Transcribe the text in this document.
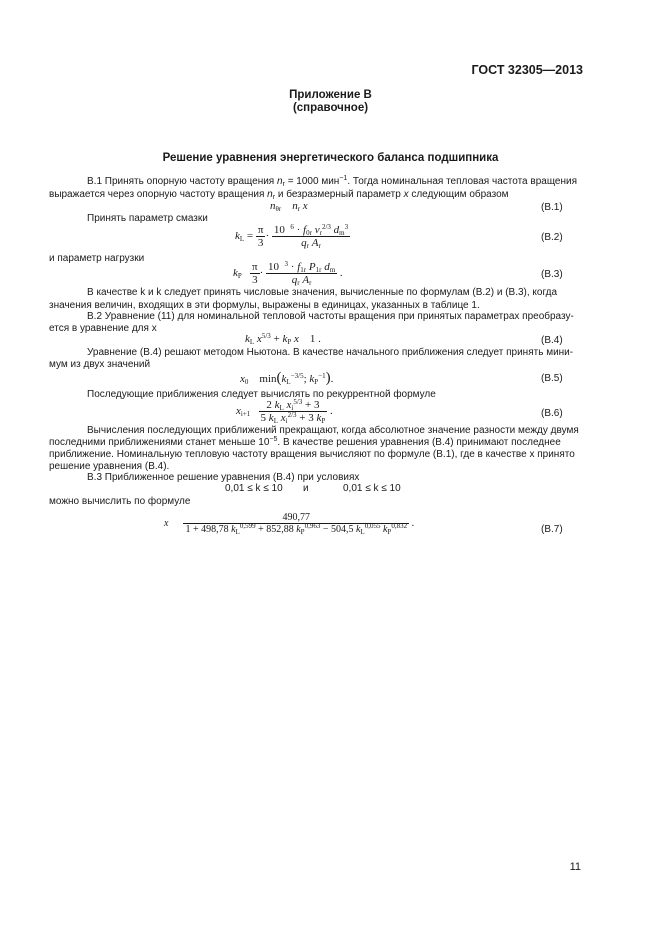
ГОСТ 32305—2013
Приложение В
(справочное)
Решение уравнения энергетического баланса подшипника
В.1 Принять опорную частоту вращения $n_r = 1000$ мин$^{-1}$. Тогда номинальная тепловая частота вращения
выражается через опорную частоту вращения $n_r$ и безразмерный параметр x следующим образом
$n_{\theta r}$ $n_r$ x	(В.1)
Принять параметр смазки
$k_L = \frac{\pi}{3} \cdot \frac{10 ^6 \cdot f_{0r} \nu_r^{2/3} d_m^3}{q_r A_r}$	(В.2)
и параметр нагрузки
$k_P \frac{\pi}{3} \cdot \frac{10 ^3 \cdot f_{1r} P_{1r} d_m}{q_r A_r}$ .	(В.3)
В качестве k и k следует принять числовые значения, вычисленные по формулам (В.2) и (В.3), когда
значения величин, входящих в эти формулы, выражены в единицах, указанных в таблице 1.
В.2 Уравнение (11) для номинальной тепловой частоты вращения при принятых параметрах преобразу-
ется в уравнение для x
$k_L$ $x^{5/3} + k_P$ x    1 .	(В.4)
Уравнение (В.4) решают методом Ньютона. В качестве начального приближения следует принять мини-
мум из двух значений
$x_0$    $\min(k_L^{-3/5}$; $k_P^{-1}$).	(В.5)
Последующие приближения следует вычислять по рекуррентной формуле
$x_{i+1} \frac{2 k_L x_i^{5/3} + 3}{5 k_L x_i^{2/3} + 3 k_P}$ .	(В.6)
Вычисления последующих приближений прекращают, когда абсолютное значение разности между двумя
последними приближениями станет меньше $10^{-5}$. В качестве решения уравнения (В.4) принимают последнее
приближение. Номинальную тепловую частоту вращения вычисляют по формуле (В.1), где в качестве x принято
решение уравнения (В.4).
В.3 Приближенное решение уравнения (В.4) при условиях
0,01 ≤ k ≤ 10 и	0,01 ≤ k ≤ 10
можно вычислить по формуле
x $\frac{490,77}{1 + 498,78 k_L^{0,599} + 852,88 k_P^{0,963} - 504,5 k_L^{0,055} k_P^{0,832}}$ .
(В.7)
11
